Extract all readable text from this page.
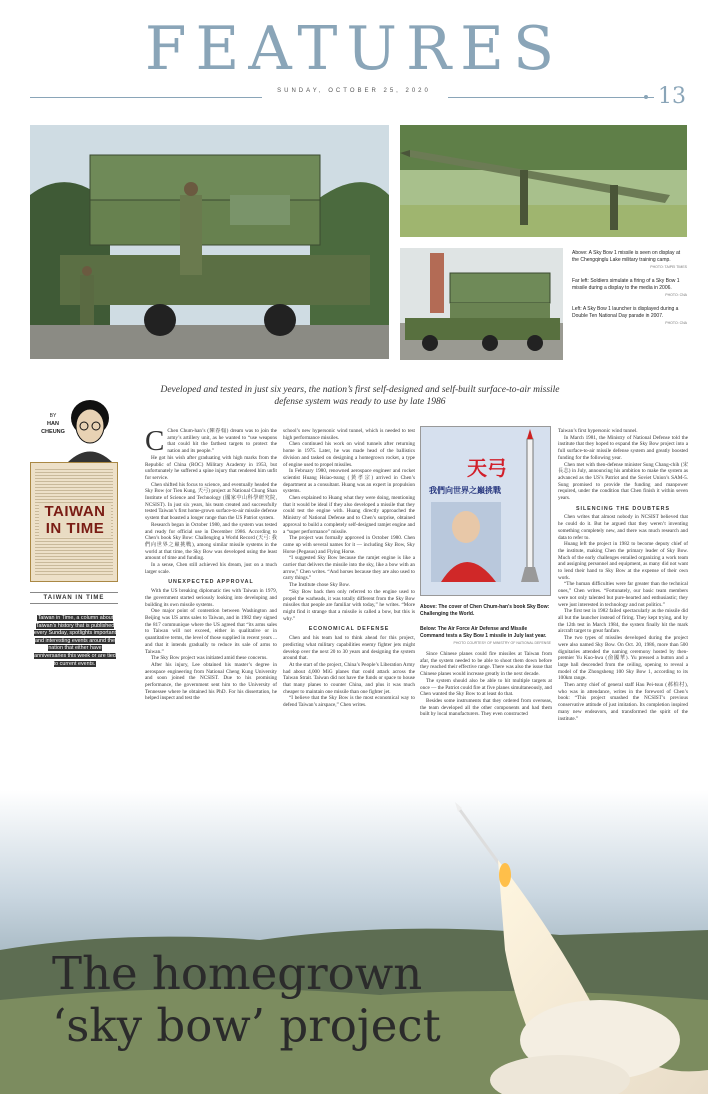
FEATURES
SUNDAY, OCTOBER 25, 2020	13
Above: A Sky Bow 1 missile is seen on display at the Chengqinglu Lake military training camp.
PHOTO: TAIPEI TIMES
Far left: Soldiers simulate a firing of a Sky Bow 1 missile during a display to the media in 2006.
PHOTO: CNA
Left: A Sky Bow 1 launcher is displayed during a Double Ten National Day parade in 2007.
PHOTO: CNA
Developed and tested in just six years, the nation’s first self-designed and self-built surface-to-air missile defense system was ready to use by late 1986
BY
HAN CHEUNG
TAIWAN IN TIME
TAIWAN IN TIME
Taiwan in Time, a column about Taiwan’s history that is published every Sunday, spotlights important and interesting events around the nation that either have anniversaries this week or are tied to current events.
C Chen Chum-han’s (陳春翰) dream was to join the army’s artillery unit, as he wanted to “use weapons that could hit the farthest targets to protect the nation and its people.”

He got his wish after graduating with high marks from the Republic of China (ROC) Military Academy in 1953, but unfortunately he suffered a spine injury that rendered him unfit for service.

Chen shifted his focus to science, and eventually headed the Sky Bow (or Tien Kung, 天弓) project at National Chung Shan Institute of Science and Technology (國家中山科學研究院, NCSIST). In just six years, his team created and successfully tested Taiwan’s first home-grown surface-to-air missile defense system that boasted a longer range than the US Patriot system.

Research began in October 1980, and the system was tested and ready for official use in December 1986. According to Chen’s book Sky Bow: Challenging a World Record (天弓: 我們向世界之巔挑戰), among similar missile systems in the world at that time, the Sky Bow was developed using the least amount of time and funding.

In a sense, Chen still achieved his dream, just on a much larger scale.

UNEXPECTED APPROVAL

With the US breaking diplomatic ties with Taiwan in 1979, the government started seriously looking into developing and building its own missile systems.

One major point of contention between Washington and Beijing was US arms sales to Taiwan, and in 1982 they signed the 817 communique where the US agreed that “its arms sales to Taiwan will not exceed, either in qualitative or in quantitative terms, the level of those supplied in recent years ... and that it intends gradually to reduce its sale of arms to Taiwan.”

The Sky Bow project was initiated amid these concerns.

After his injury, Lee obtained his master’s degree in aerospace engineering from National Cheng Kung University and soon joined the NCSIST. Due to his promising performance, the government sent him to the University of Tennessee where he obtained his PhD. For his dissertation, he helped inspect and test the

school’s new hypersonic wind tunnel, which is needed to test high performance missiles.

Chen continued his work on wind tunnels after returning home in 1975. Later, he was made head of the ballistics division and tasked on designing a homegrown rocket, a type of engine used to propel missiles.

In February 1980, renowned aerospace engineer and rocket scientist Huang Hsiao-tsung (黃孝宗) arrived in Chen’s department as a consultant. Huang was an expert in propulsion systems.

Chen explained to Huang what they were doing, mentioning that it would be ideal if they also developed a missile that they could test the engine with. Huang directly approached the Ministry of National Defense and to Chen’s surprise, obtained approval to build a completely self-designed ramjet engine and a “super performance” missile.

The project was formally approved in October 1980. Chen came up with several names for it — including Sky Bow, Sky Horse (Pegasus) and Flying Horse.

“I suggested Sky Bow because the ramjet engine is like a carrier that delivers the missile into the sky, like a bow with an arrow,” Chen writes. “And horses because they are also used to carry things.”

The Institute chose Sky Bow.

“Sky Bow back then only referred to the engine used to propel the warheads, it was totally different from the Sky Bow missiles that people are familiar with today,” he writes. “More might find it strange that a missile is called a bow, but this is why.”

ECONOMICAL DEFENSE

Chen and his team had to think ahead for this project, predicting what military capabilities enemy fighter jets might develop over the next 20 to 30 years and designing the system around that.

At the start of the project, China’s People’s Liberation Army had about 4,000 MiG planes that could attack across the Taiwan Strait. Taiwan did not have the funds or space to house that many planes to counter China, and plus it was much cheaper to maintain one missile than one fighter jet.

“I believe that the Sky Bow is the most economical way to defend Taiwan’s airspace,” Chen writes.

天弓
我們向世界之巔挑戰
Above: The cover of Chen Chum-han’s book Sky Bow: Challenging the World.
Below: The Air Force Air Defense and Missile Command tests a Sky Bow 1 missile in July last year.
PHOTO COURTESY OF MINISTRY OF NATIONAL DEFENSE

Since Chinese planes could fire missiles at Taiwan from afar, the system needed to be able to shoot them down before they reached their effective range. There was also the issue that Chinese planes would increase greatly in the next decade.

The system should also be able to hit multiple targets at once — the Patriot could fire at five planes simultaneously, and Chen wanted the Sky Bow to at least do that.

Besides some instruments that they ordered from overseas, the team developed all the other components and had them built by local manufacturers. They even constructed

Taiwan’s first hypersonic wind tunnel.

In March 1981, the Ministry of National Defense told the institute that they hoped to expand the Sky Bow project into a full surface-to-air missile defense system and greatly boosted funding for the following year.

Chen met with then-defense minister Sung Chang-chih (宋長志) in July, announcing his ambition to make the system as advanced as the US’s Patriot and the Soviet Union’s SAM-5. Sung promised to provide the funding and manpower required, under the condition that Chen finish it within seven years.

SILENCING THE DOUBTERS

Chen writes that almost nobody in NCSIST believed that he could do it. But he argued that they weren’t inventing something completely new, and there was much research and data to refer to.

Huang left the project in 1982 to become deputy chief of the institute, making Chen the primary leader of Sky Bow. Much of the early challenges entailed organizing a work team and assigning personnel and equipment, as many did not want to lend their hand to Sky Bow at the expense of their own work.

“The human difficulties were far greater than the technical ones,” Chen writes. “Fortunately, our basic team members were not only talented but pure-hearted and enthusiastic; they were just interested in technology and not politics.”

The first test in 1982 failed spectacularly as the missile did all but the launcher instead of firing. They kept trying, and by the 12th test in March 1984, the system finally hit the mark aircraft target to great fanfare.

The two types of missiles developed during the project were also named Sky Bow. On Oct. 20, 1986, more than 500 dignitaries attended the naming ceremony hosted by then-premier Yu Kuo-hwa (俞國華). Yu pressed a button and a large ball descended from the ceiling, opening to reveal a model of the Zhongsheng 100 Sky Bow 1, according to its 100km range.

Then army chief of general staff Hau Pei-tsun (郝柏村), who was in attendance, writes in the foreword of Chen’s book: “This project smashed the NCSIST’s previous conservative attitude of just imitation. Its completion inspired many new endeavors, and transformed the spirit of the institute.”

The homegrown
‘sky bow’ project
